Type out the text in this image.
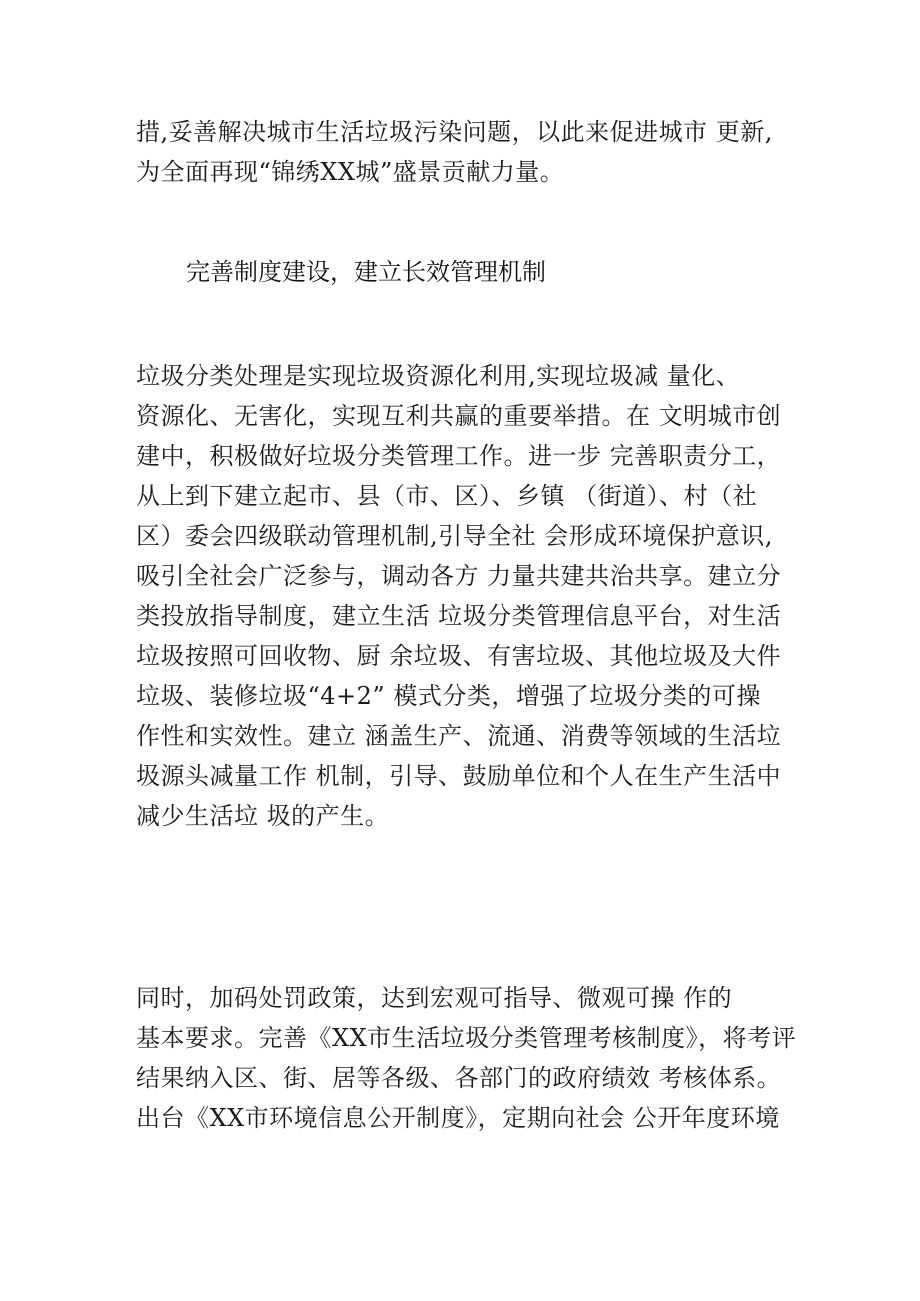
措,妥善解决城市生活垃圾污染问题，以此来促进城市 更新,
为全面再现“锦绣XX城”盛景贡献力量。
完善制度建设，建立长效管理机制
垃圾分类处理是实现垃圾资源化利用,实现垃圾减 量化、
资源化、无害化，实现互利共赢的重要举措。在 文明城市创
建中，积极做好垃圾分类管理工作。进一步 完善职责分工，
从上到下建立起市、县（市、区）、乡镇 （街道）、村（社
区）委会四级联动管理机制,引导全社 会形成环境保护意识,
吸引全社会广泛参与，调动各方 力量共建共治共享。建立分
类投放指导制度，建立生活 垃圾分类管理信息平台，对生活
垃圾按照可回收物、厨 余垃圾、有害垃圾、其他垃圾及大件
垃圾、装修垃圾“4+2” 模式分类，增强了垃圾分类的可操
作性和实效性。建立 涵盖生产、流通、消费等领域的生活垃
圾源头减量工作 机制，引导、鼓励单位和个人在生产生活中
减少生活垃 圾的产生。
同时，加码处罚政策，达到宏观可指导、微观可操 作的
基本要求。完善《XX市生活垃圾分类管理考核制度》，将考评
结果纳入区、街、居等各级、各部门的政府绩效 考核体系。
出台《XX市环境信息公开制度》，定期向社会 公开年度环境
